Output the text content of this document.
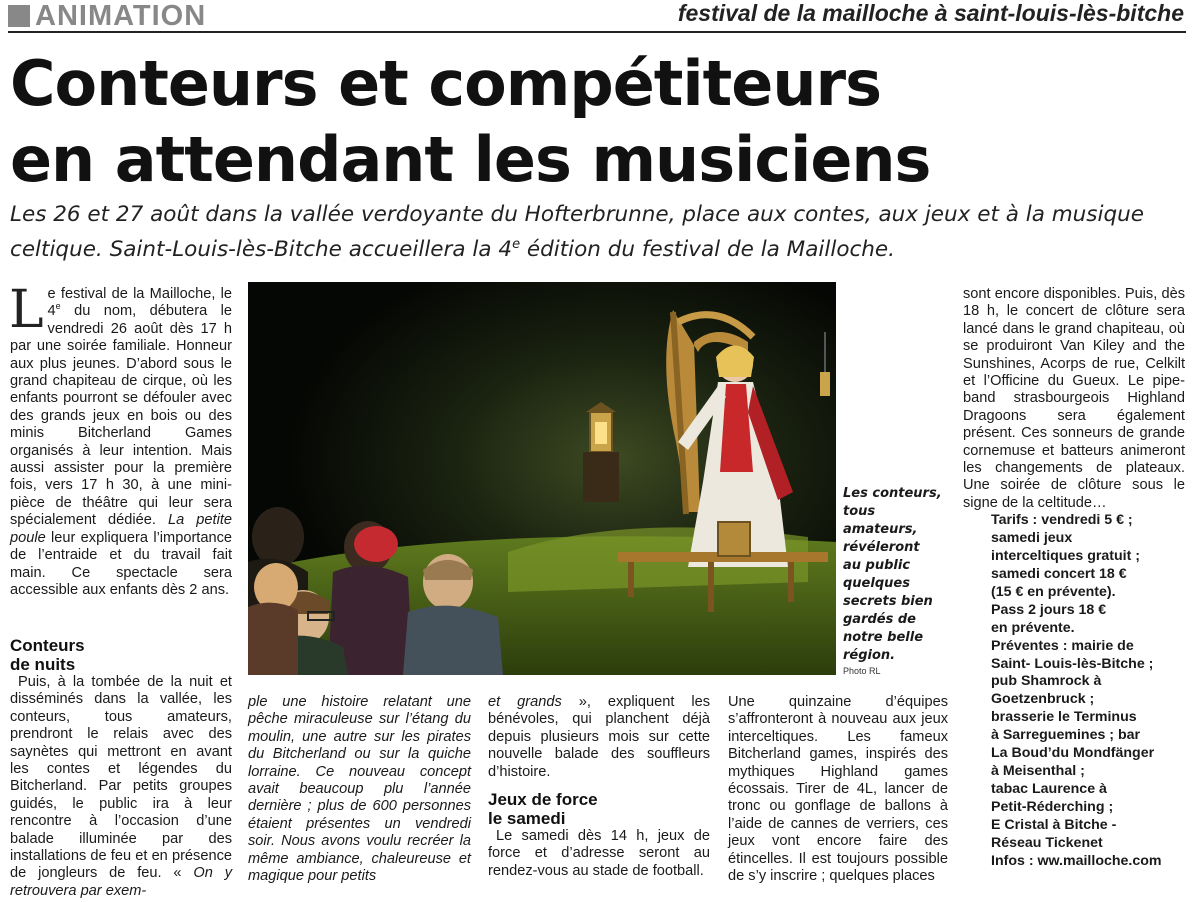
ANIMATION	festival de la mailloche à saint-louis-lès-bitche
Conteurs et compétiteurs
en attendant les musiciens
Les 26 et 27 août dans la vallée verdoyante du Hofterbrunne, place aux contes, aux jeux et à la musique celtique. Saint-Louis-lès-Bitche accueillera la 4e édition du festival de la Mailloche.

Le festival de la Mailloche, le 4e du nom, débutera le vendredi 26 août dès 17 h par une soirée familiale. Honneur aux plus jeunes. D’abord sous le grand chapiteau de cirque, où les enfants pourront se défouler avec des grands jeux en bois ou des minis Bitcherland Games organisés à leur intention. Mais aussi assister pour la première fois, vers 17 h 30, à une mini-pièce de théâtre qui leur sera spécialement dédiée. La petite poule leur expliquera l’importance de l’entraide et du travail fait main. Ce spectacle sera accessible aux enfants dès 2 ans.

Conteurs
de nuits

Puis, à la tombée de la nuit et disséminés dans la vallée, les conteurs, tous amateurs, prendront le relais avec des saynètes qui mettront en avant les contes et légendes du Bitcherland. Par petits groupes guidés, le public ira à leur rencontre à l’occasion d’une balade illuminée par des installations de feu et en présence de jongleurs de feu. « On y retrouvera par exem-

Les conteurs,
tous
amateurs,
révéleront
au public
quelques
secrets bien
gardés de
notre belle
région.
Photo RL

ple une histoire relatant une pêche miraculeuse sur l’étang du moulin, une autre sur les pirates du Bitcherland ou sur la quiche lorraine. Ce nouveau concept avait beaucoup plu l’année dernière ; plus de 600 personnes étaient présentes un vendredi soir. Nous avons voulu recréer la même ambiance, chaleureuse et magique pour petits

et grands », expliquent les bénévoles, qui planchent déjà depuis plusieurs mois sur cette nouvelle balade des souffleurs d’histoire.

Jeux de force
le samedi

Le samedi dès 14 h, jeux de force et d’adresse seront au rendez-vous au stade de football.

Une quinzaine d’équipes s’affronteront à nouveau aux jeux interceltiques. Les fameux Bitcherland games, inspirés des mythiques Highland games écossais. Tirer de 4L, lancer de tronc ou gonflage de ballons à l’aide de cannes de verriers, ces jeux vont encore faire des étincelles. Il est toujours possible de s’y inscrire ; quelques places

sont encore disponibles. Puis, dès 18 h, le concert de clôture sera lancé dans le grand chapiteau, où se produiront Van Kiley and the Sunshines, Acorps de rue, Celkilt et l’Officine du Gueux. Le pipe-band strasbourgeois Highland Dragoons sera également présent. Ces sonneurs de grande cornemuse et batteurs animeront les changements de plateaux. Une soirée de clôture sous le signe de la celtitude…

Tarifs : vendredi 5 € ;
samedi jeux
interceltiques gratuit ;
samedi concert 18 €
(15 € en prévente).
Pass 2 jours 18 €
en prévente.
Préventes : mairie de
Saint- Louis-lès-Bitche ;
pub Shamrock à
Goetzenbruck ;
brasserie le Terminus
à Sarreguemines ; bar
La Boud’du Mondfänger
à Meisenthal ;
tabac Laurence à
Petit-Réderching ;
E Cristal à Bitche -
Réseau Tickenet
Infos : ww.mailloche.com
